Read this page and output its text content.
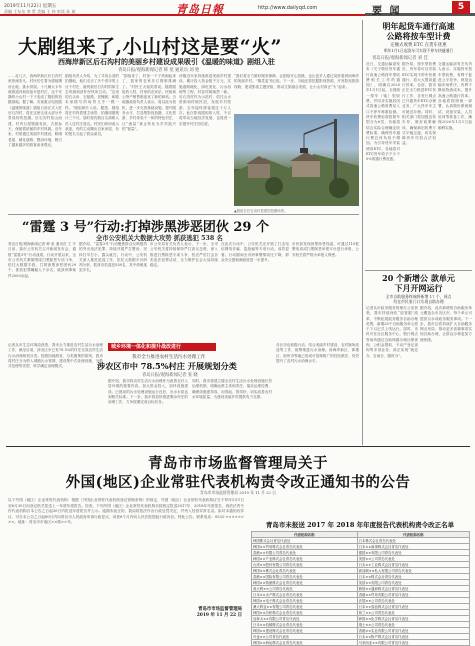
2019年11月22日 星期五
责编 王东东 李 哲 美编 王 伟 审读 孙 斌	青岛日報	http://www.dailyqd.com	要 闻	5
大剧组来了,小山村这是要“火”
西海岸新区后石沟村的美丽乡村建设成果吸引《温暖的味道》剧组入驻
青岛日报/观海新闻记者 韩 星 通讯员 刘 艳
……近几天，西海岸新区后石沟村里热闹非凡，村民们忙着为剧组腾房让地，挑水供饭。十几辆大卡车载着道具和设备开进村庄，这个安静的小山村一下子变成了剧组的拍摄基地。据了解，央视重点电视剧《温暖的味道》剧组日前正式入驻后石沟村，将在这里完成大部分外景戏份的拍摄。后石沟村依山而建，村内石屋错落有致，古树参天，保留着浓郁的乡村风貌。近年来，村里通过美丽乡村建设，修缮老屋、硬化道路、整治环境，吸引了越来越多的游客前来观光。
剧组负责人介绍，为了寻找合适的拍摄地，他们走访了多个省市的上百个村庄，最终被后石沟村的原生态风貌和淳朴民风所打动。“这里的石头房、石板路、老槐树，和剧本里描写的场景几乎一模一样。”剧组制片人说。据悉，剧组将在村内搭建主场景，拍摄周期预计三个月，届时将有数百名演职人员入住村庄周边。村民们纷纷表示欢迎，有的主动腾出自家房屋，有的报名当起了群众演员。
“剧组来了，村里一下子热闹起来了，我家的农家乐订餐都排满了。”村民王大姐笑着说。随着剧组的入驻，村里的农家乐、民宿和土特产销售都迎来了新的商机。当地镇政府负责人表示，将以此为契机，进一步完善基础设施，提升服务水平，打造集影视拍摄、文化旅游、乡村体验于一体的特色村庄，让“流量”真正转化为乡村振兴的“留量”。
该镇近年来持续推进美丽乡村建设，累计投入资金数千万元，实施道路硬化、绿化美化、污水治理等工程，村容村貌焕然一新。后石沟村作为示范村，依托山水资源和传统民居，发展乡村旅游，去年接待游客超过十万人次。此次影视剧组的入驻，不仅将带动当地经济发展，也将进一步提升村庄知名度。
“我们将全力做好服务保障，让剧组安心拍摄，也让更多人通过荧屏看到西海岸的美丽乡村。”镇党委书记说。下一步，当地还将挖掘影视资源，开发影视旅游线路，建设影视主题民宿，推动文旅融合发展，让小山村真正“火”起来。
▲剧组在后石沟村搭建的拍摄场景。
“雷霆 3 号”行动:打掉涉黑涉恶团伙 29 个
全市公安机关大数据大攻势 抓获逃犯 538 名
青岛日报/观海新闻记者 韩 星 通讯员 王 宇 日前，我市公安机关召开新闻发布会，通报“雷霆3号”行动战果。行动开展以来，全市公安机关紧紧围绕扫黑除恶专项斗争，依托大数据手段，打掉涉黑涉恶团伙29个，抓获犯罪嫌疑人千余名，破获刑事案件2000余起。
据介绍，“雷霆3号”行动聚焦群众反映强烈的突出违法犯罪，持续开展严打整治，坚持打早打小、露头就打。行动中，公安机关深入推进追逃工作，依托大数据平台研判分析，抓获各类逃犯538名，其中命案逃犯多名。
市公安局有关负责人表示，下一步，全市公安机关将持续保持严打高压态势，深入推进扫黑除恶专项斗争，依法严厉打击各类违法犯罪活动，全力维护社会大局持续稳定。
在此次行动中，公安机关还开展了打击电信网络诈骗、盗抢骗等专项行动，成效显著。行动期间全市刑事警情同比下降，群众安全感和满意度进一步提升。
市民如发现涉黑涉恶线索，可通过110报警电话或扫黑除恶举报平台进行举报，公安机关将严格为举报人保密。
城乡环境一体化和提升战改进行
我市全力推进农村生活污水处理工作
涉农区市中 78.5%村庄 开展规划分类
青岛日报/观海新闻记者 张 晓
记者从市生态环境局获悉，我市全力推进农村生活污水治理工作，截至目前，涉农区市已有78.5%的村庄完成农村生活污水治理规划分类。按照因地制宜、分类施策的原则，我市将村庄分为纳入城镇污水管网、建设集中式处理设施、分散式处理等类型，科学确定治理模式。
据介绍，我市将农村生活污水治理作为改善农村人居环境的重要内容，加大资金投入，加快设施建设。已建成的污水处理设施运行良好，出水水质达到相关标准。下一步，我市将加快推进剩余村庄的治理工作，力争按期完成目标任务。
同时，我市将建立健全农村生活污水处理设施长效运维机制，明确运维主体和责任，落实运维经费，确保设施建得成、用得起、管得好，切实改善农村水环境质量，为建设美丽乡村提供有力支撑。
各区市也积极行动，结合美丽乡村建设、农村厕所改造等工作，统筹推进污水治理。西海岸新区、即墨区、胶州市等地已形成可复制推广的经验做法，有效提升了农村污水治理水平。
明年起货车通行高速
公路将按车型计费
定额式收费 ETC 在货车优惠
明年1月1日起货车可实现不停车快捷通行
青岛日报/观海新闻记者 刘 佳
近日，交通运输部发布《关于做好货车通行高速公路按车型收费相关工作的通知》，明确自2020年1月1日起，全国统一按车（轴）型收费，并同步实施封闭式高速公路收费站入口不停车称重检测。货车收费标准按照车型分为6类，各地将结合实际合理确定收费标准，确保货车通行费总体负担不增加。为引导货车安装使用ETC，各地将对ETC货车给予不少于5%的通行费优惠。
据介绍，按车型收费后，货车将可以安装ETC实现不停车快捷通行，将大大提高通行效率。目前，我市正在全力推进ETC发行工作，各发行网点已开通货车ETC办理业务，广大货车车主可就近办理。同时，相关部门将加强宣传引导，做好政策解读，确保新旧收费方式平稳过渡，切实保障货车司机合法权益。
交通运输部有关负责人表示，实施货车按车型收费，有利于促进公平竞争，规范运输市场秩序，有利于降低物流成本，提升高速公路通行效率。各地将按照统一部署，认真做好系统调试、设备安装、人员培训等准备工作，确保2020年1月1日起顺利实施。
20 个新增公 款单元
下月开网运行
全市自助服务终端将新增 17 个，网点
均在市民家门口实现自助办理
记者从市政务服务管理办公室获悉，我市持续深化“放管服”改革，不断拓展政务服务自助办理范围，新增20个自助服务单元将于下月正式上线运行。届时，市民可在社区服务中心、银行网点等场所通过自助终端办理社保查询、公积金提取、不动产登记查询等多项业务，真正实现“就近办、自助办、随时办”。
据介绍，此次新增的自助服务单元覆盖全市各区市，每个单元可提供百余项政务服务事项。下一步，我市还将持续扩大自助服务网点布局，推动更多高频事项实现自助办理，让群众办事更加方便快捷。
青岛市市场监督管理局关于
外国(地区)企业常驻代表机构责令改正通知书的公告
青岛市市场监督管理局 2019 年 11 月 22 日
以下外国（地区）企业常驻代表机构：根据《外国企业常驻代表机构登记管理条例》的规定，外国（地区）企业常驻代表机构应当于每年3月1日至6月30日向登记机关报送上一年度年度报告。经查，下列外国（地区）企业常驻代表机构未按规定报送2017年、2018年年度报告，现依法责令你代表机构自本公告之日起30日内报送年度报告并公示。逾期未改正的，我局将依法作出行政处罚决定，并列入经营异常名录。如对本通知有异议，可自本公告之日起60日内向青岛市人民政府申请行政复议，或者6个月内向人民法院提起行政诉讼。特此公告。联系电话：0532-××××××××。地址：青岛市市南区××路××号。
青岛市市场监督管理局
2019 年 11 月 22 日
青岛市未报送 2017 年 2018 年年度报告代表机构责令改正名单
代表机构名称	代表机构名称
韩国株式会社青岛代表处	日本株式会社青岛代表处
韩国××贸易株式会社青岛代表处	日本××商事株式会社青岛代表处
香港××有限公司青岛代表处	德国××有限公司青岛代表处
韩国××产业株式会社青岛代表处	美国××公司青岛代表处
台湾××股份有限公司青岛代表处	日本××工业株式会社青岛代表处
韩国××株式会社青岛代表处	新加坡××私人有限公司青岛代表处
香港××国际有限公司青岛代表处	日本××株式会社青岛代表处
韩国××物流株式会社青岛代表处	英国××有限公司青岛代表处
意大利××公司青岛代表处	韩国××通商株式会社青岛代表处
日本××水产株式会社青岛代表处	香港××贸易有限公司青岛代表处
韩国××电子株式会社青岛代表处	法国××公司青岛代表处
澳大利亚××有限公司青岛代表处	日本××食品株式会社青岛代表处
韩国××纺织株式会社青岛代表处	荷兰××公司青岛代表处
加拿大××有限公司青岛代表处	韩国××化学株式会社青岛代表处
日本××机械株式会社青岛代表处	瑞士××公司青岛代表处
韩国××建设株式会社青岛代表处	香港××实业有限公司青岛代表处
丹麦××公司青岛代表处	日本××物产株式会社青岛代表处
韩国××海运株式会社青岛代表处	马来西亚××有限公司青岛代表处
